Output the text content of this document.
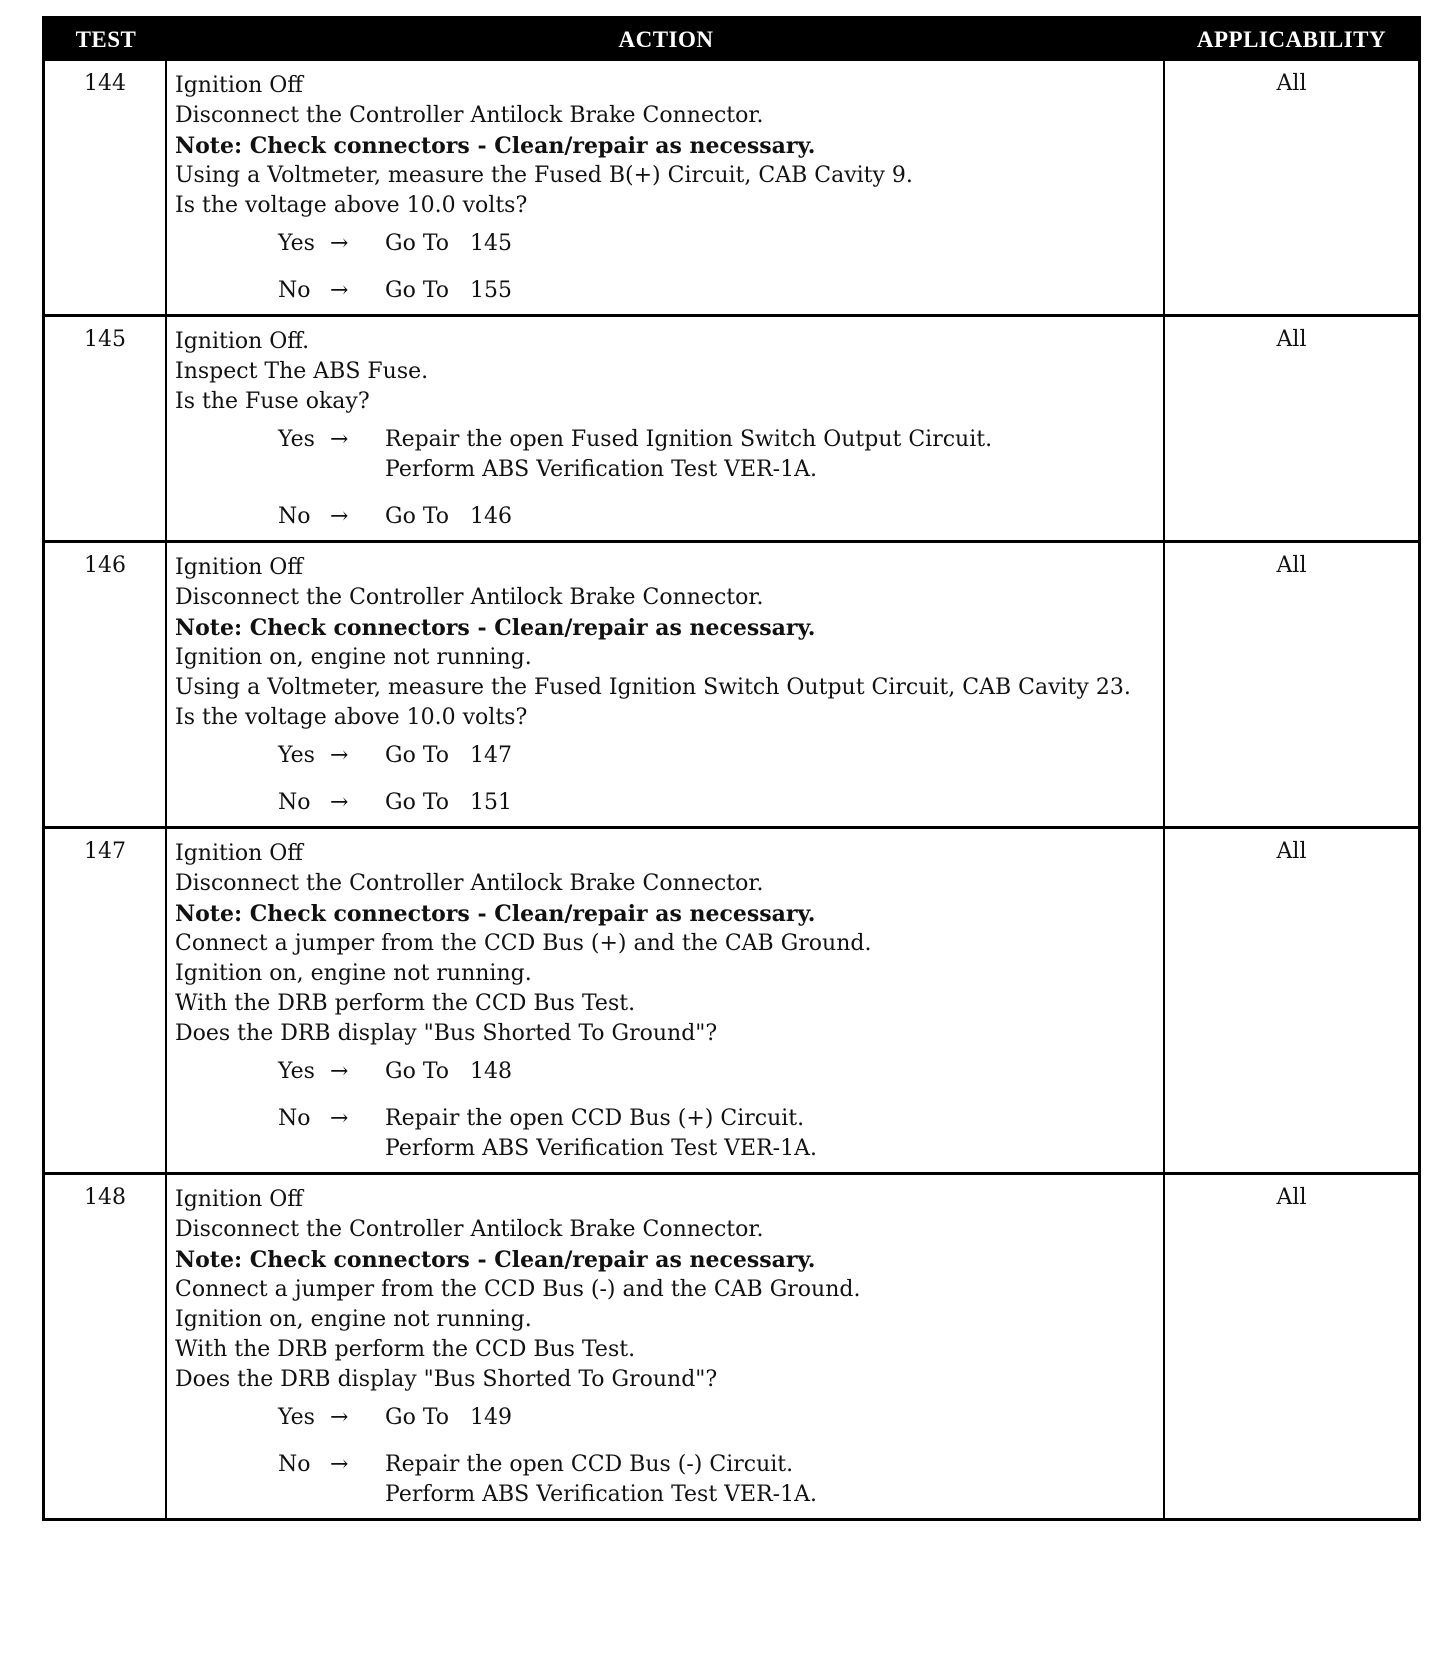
TEST	ACTION	APPLICABILITY
144	Ignition Off
Disconnect the Controller Antilock Brake Connector.
Note: Check connectors - Clean/repair as necessary.
Using a Voltmeter, measure the Fused B(+) Circuit, CAB Cavity 9.
Is the voltage above 10.0 volts?
Yes →	Go To   145
No →	Go To   155
All
145	Ignition Off.
Inspect The ABS Fuse.
Is the Fuse okay?
Yes →	Repair the open Fused Ignition Switch Output Circuit.
Perform ABS Verification Test VER-1A.
No →	Go To   146
All
146	Ignition Off
Disconnect the Controller Antilock Brake Connector.
Note: Check connectors - Clean/repair as necessary.
Ignition on, engine not running.
Using a Voltmeter, measure the Fused Ignition Switch Output Circuit, CAB Cavity 23.
Is the voltage above 10.0 volts?
Yes →	Go To   147
No →	Go To   151
All
147	Ignition Off
Disconnect the Controller Antilock Brake Connector.
Note: Check connectors - Clean/repair as necessary.
Connect a jumper from the CCD Bus (+) and the CAB Ground.
Ignition on, engine not running.
With the DRB perform the CCD Bus Test.
Does the DRB display "Bus Shorted To Ground"?
Yes →	Go To   148
No →	Repair the open CCD Bus (+) Circuit.
Perform ABS Verification Test VER-1A.
All
148	Ignition Off
Disconnect the Controller Antilock Brake Connector.
Note: Check connectors - Clean/repair as necessary.
Connect a jumper from the CCD Bus (-) and the CAB Ground.
Ignition on, engine not running.
With the DRB perform the CCD Bus Test.
Does the DRB display "Bus Shorted To Ground"?
Yes →	Go To   149
No →	Repair the open CCD Bus (-) Circuit.
Perform ABS Verification Test VER-1A.
All
